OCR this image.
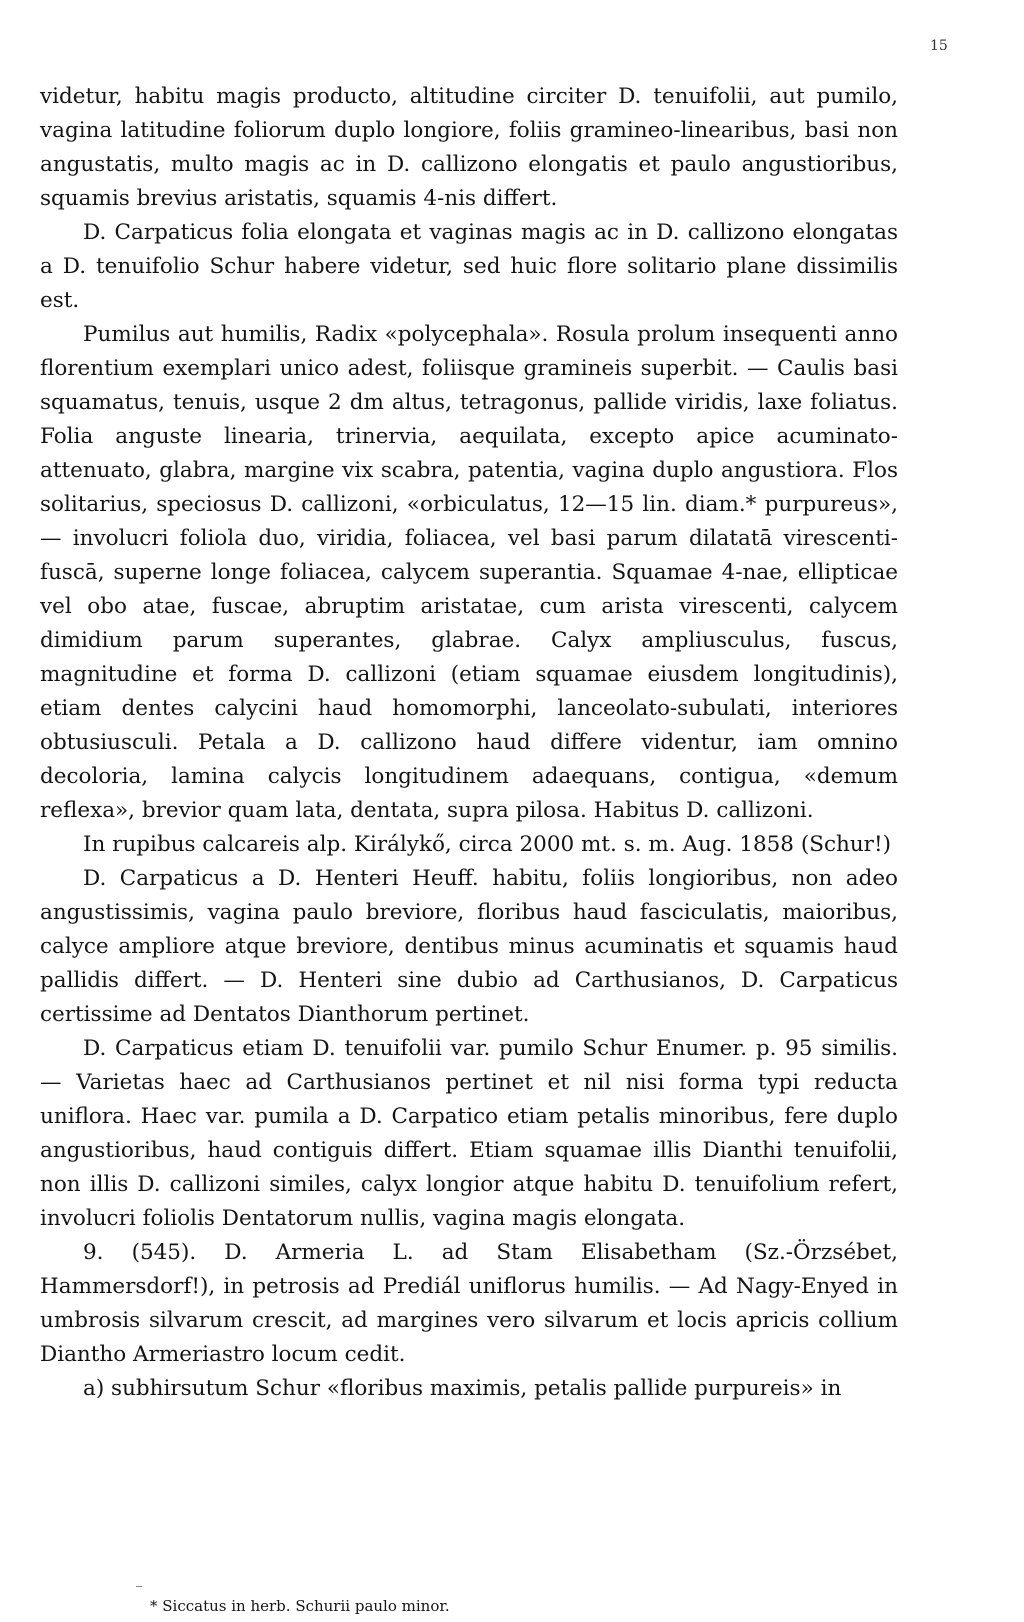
15

videtur, habitu magis producto, altitudine circiter D. tenuifolii, aut pumilo, vagina latitudine foliorum duplo longiore, foliis gramineo-linearibus, basi non angustatis, multo magis ac in D. callizono elongatis et paulo angustioribus, squamis brevius aristatis, squamis 4-nis differt.

D. Carpaticus folia elongata et vaginas magis ac in D. callizono elongatas a D. tenuifolio Schur habere videtur, sed huic flore solitario plane dissimilis est.

Pumilus aut humilis, Radix «polycephala». Rosula prolum insequenti anno florentium exemplari unico adest, foliisque gramineis superbit. — Caulis basi squamatus, tenuis, usque 2 dm altus, tetragonus, pallide viridis, laxe foliatus. Folia anguste linearia, trinervia, aequilata, excepto apice acuminato-attenuato, glabra, margine vix scabra, patentia, vagina duplo angustiora. Flos solitarius, speciosus D. callizoni, «orbiculatus, 12—15 lin. diam.* purpureus», — involucri foliola duo, viridia, foliacea, vel basi parum dilatatā virescenti-fuscā, superne longe foliacea, calycem superantia. Squamae 4-nae, ellipticae vel obo atae, fuscae, abruptim aristatae, cum arista virescenti, calycem dimidium parum superantes, glabrae. Calyx ampliusculus, fuscus, magnitudine et forma D. callizoni (etiam squamae eiusdem longitudinis), etiam dentes calycini haud homomorphi, lanceolato-subulati, interiores obtusiusculi. Petala a D. callizono haud differe videntur, iam omnino decoloria, lamina calycis longitudinem adaequans, contigua, «demum reflexa», brevior quam lata, dentata, supra pilosa. Habitus D. callizoni.

In rupibus calcareis alp. Királykő, circa 2000 mt. s. m. Aug. 1858 (Schur!)

D. Carpaticus a D. Henteri Heuff. habitu, foliis longioribus, non adeo angustissimis, vagina paulo breviore, floribus haud fasciculatis, maioribus, calyce ampliore atque breviore, dentibus minus acuminatis et squamis haud pallidis differt. — D. Henteri sine dubio ad Carthusianos, D. Carpaticus certissime ad Dentatos Dianthorum pertinet.

D. Carpaticus etiam D. tenuifolii var. pumilo Schur Enumer. p. 95 similis. — Varietas haec ad Carthusianos pertinet et nil nisi forma typi reducta uniflora. Haec var. pumila a D. Carpatico etiam petalis minoribus, fere duplo angustioribus, haud contiguis differt. Etiam squamae illis Dianthi tenuifolii, non illis D. callizoni similes, calyx longior atque habitu D. tenuifolium refert, involucri foliolis Dentatorum nullis, vagina magis elongata.

9. (545). D. Armeria L. ad Stam Elisabetham (Sz.-Örzsébet, Hammersdorf!), in petrosis ad Prediál uniflorus humilis. — Ad Nagy-Enyed in umbrosis silvarum crescit, ad margines vero silvarum et locis apricis collium Diantho Armeriastro locum cedit.

a) subhirsutum Schur «floribus maximis, petalis pallide purpureis» in

* Siccatus in herb. Schurii paulo minor.
